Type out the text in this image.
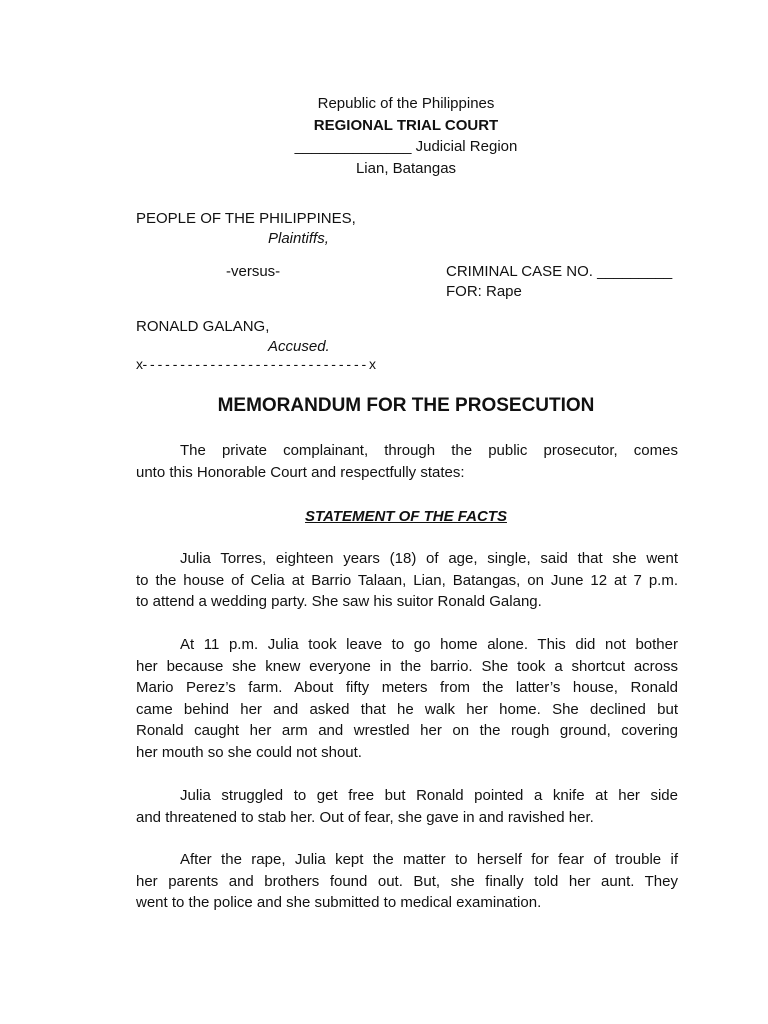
Republic of the Philippines
REGIONAL TRIAL COURT
______________ Judicial Region
Lian, Batangas
PEOPLE OF THE PHILIPPINES,
Plaintiffs,
-versus-	CRIMINAL CASE NO. _________
FOR: Rape
RONALD GALANG,
Accused.
x- - - - - - - - - - - - - - - - - - - - - - - - - - - - - - x
MEMORANDUM FOR THE PROSECUTION
The private complainant, through the public prosecutor, comes
unto this Honorable Court and respectfully states:
STATEMENT OF THE FACTS
Julia Torres, eighteen years (18) of age, single, said that she went
to the house of Celia at Barrio Talaan, Lian, Batangas, on June 12 at 7 p.m.
to attend a wedding party. She saw his suitor Ronald Galang.
At 11 p.m. Julia took leave to go home alone. This did not bother
her because she knew everyone in the barrio. She took a shortcut across
Mario Perez’s farm. About fifty meters from the latter’s house, Ronald
came behind her and asked that he walk her home. She declined but
Ronald caught her arm and wrestled her on the rough ground, covering
her mouth so she could not shout.
Julia struggled to get free but Ronald pointed a knife at her side
and threatened to stab her. Out of fear, she gave in and ravished her.
After the rape, Julia kept the matter to herself for fear of trouble if
her parents and brothers found out. But, she finally told her aunt. They
went to the police and she submitted to medical examination.
